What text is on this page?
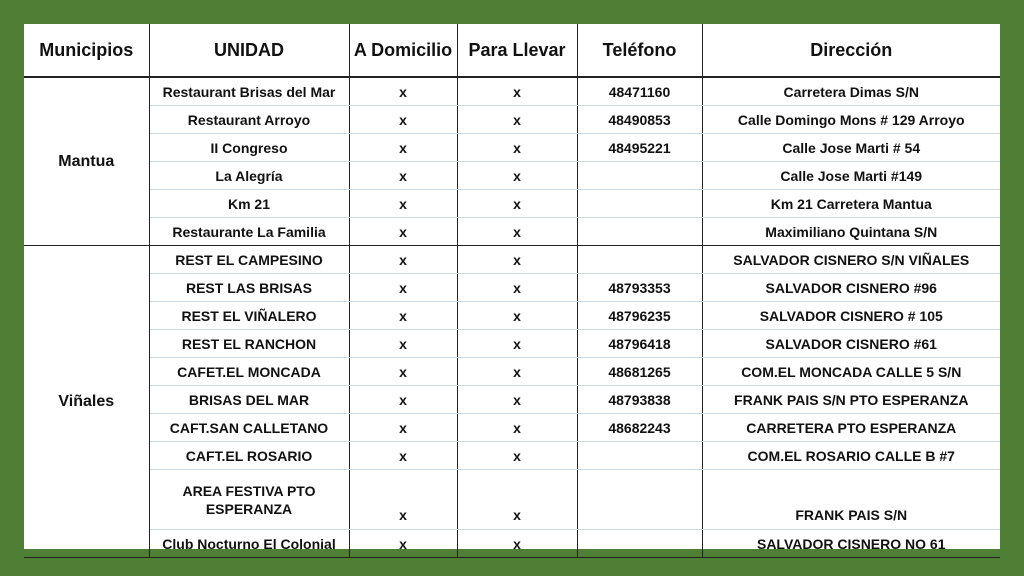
Municipios	UNIDAD	A Domicilio	Para Llevar	Teléfono	Dirección
Mantua	Restaurant Brisas del Mar	x	x	48471160	Carretera Dimas S/N
	Restaurant Arroyo	x	x	48490853	Calle Domingo Mons # 129 Arroyo
	II Congreso	x	x	48495221	Calle Jose Marti # 54
	La Alegría	x	x		Calle Jose Marti #149
	Km 21	x	x		Km 21 Carretera Mantua
	Restaurante La Familia	x	x		Maximiliano Quintana S/N
Viñales	REST EL CAMPESINO	x	x		SALVADOR CISNERO S/N VIÑALES
	REST LAS BRISAS	x	x	48793353	SALVADOR CISNERO #96
	REST EL VIÑALERO	x	x	48796235	SALVADOR CISNERO # 105
	REST EL RANCHON	x	x	48796418	SALVADOR CISNERO #61
	CAFET.EL MONCADA	x	x	48681265	COM.EL MONCADA CALLE 5 S/N
	BRISAS DEL MAR	x	x	48793838	FRANK PAIS S/N PTO ESPERANZA
	CAFT.SAN CALLETANO	x	x	48682243	CARRETERA PTO ESPERANZA
	CAFT.EL ROSARIO	x	x		COM.EL ROSARIO CALLE B #7
	AREA FESTIVA PTO ESPERANZA	x	x		FRANK PAIS S/N
	Club Nocturno El Colonial	x	x		SALVADOR CISNERO NO 61
